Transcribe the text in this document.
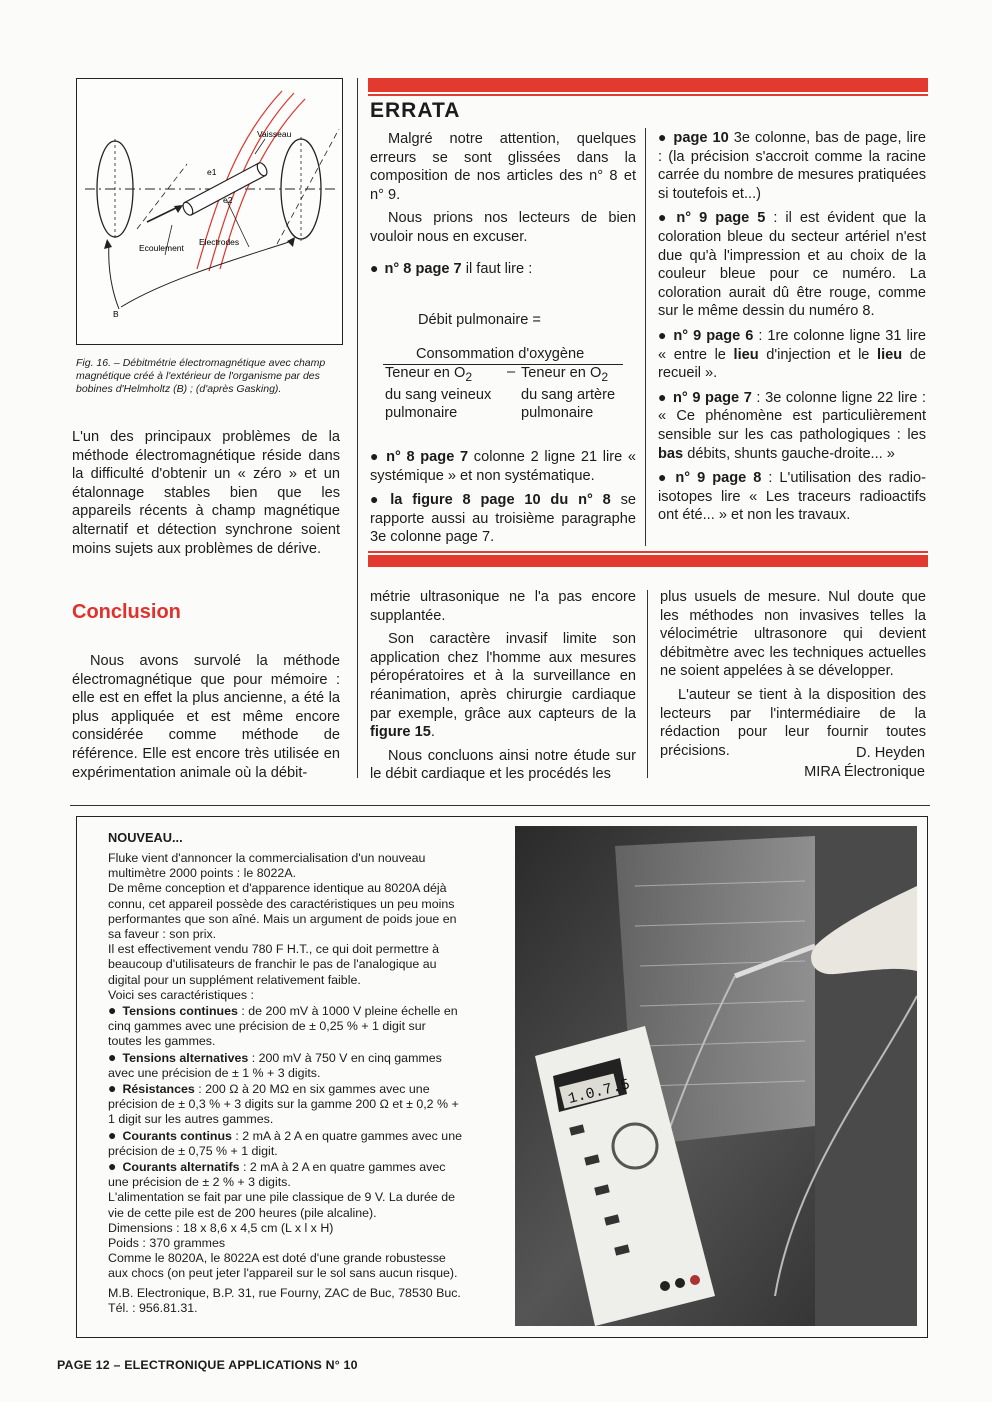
Vaisseau
e1
e2
Ecoulement
Electrodes
B
Fig. 16. – Débitmétrie électromagnétique avec champ magnétique créé à l'extérieur de l'organisme par des bobines d'Helmholtz (B) ; (d'après Gasking).
L'un des principaux problèmes de la méthode électromagnétique réside dans la difficulté d'obtenir un « zéro » et un étalonnage stables bien que les appareils récents à champ magnétique alternatif et détection synchrone soient moins sujets aux problèmes de dérive.
Conclusion
Nous avons survolé la méthode électromagnétique que pour mémoire : elle est en effet la plus ancienne, a été la plus appliquée et est même encore considérée comme méthode de référence. Elle est encore très utilisée en expérimentation animale où la débit-
ERRATA

Malgré notre attention, quelques erreurs se sont glissées dans la composition de nos articles des n° 8 et n° 9.

Nous prions nos lecteurs de bien vouloir nous en excuser.

● n° 8 page 7 il faut lire :

Débit pulmonaire =
Consommation d'oxygène
Teneur en $O_2$
du sang veineux
pulmonaire
– Teneur en $O_2$
du sang artère
pulmonaire

● n° 8 page 7 colonne 2 ligne 21 lire « systémique » et non systématique.

● la figure 8 page 10 du n° 8 se rapporte aussi au troisième paragraphe 3e colonne page 7.

● page 10 3e colonne, bas de page, lire : (la précision s'accroit comme la racine carrée du nombre de mesures pratiquées si toutefois et...)

● n° 9 page 5 : il est évident que la coloration bleue du secteur artériel n'est due qu'à l'impression et au choix de la couleur bleue pour ce numéro. La coloration aurait dû être rouge, comme sur le même dessin du numéro 8.

● n° 9 page 6 : 1re colonne ligne 31 lire « entre le lieu d'injection et le lieu de recueil ».

● n° 9 page 7 : 3e colonne ligne 22 lire : « Ce phénomène est particulièrement sensible sur les cas pathologiques : les bas débits, shunts gauche-droite... »

● n° 9 page 8 : L'utilisation des radio-isotopes lire « Les traceurs radioactifs ont été... » et non les travaux.

métrie ultrasonique ne l'a pas encore supplantée.

Son caractère invasif limite son application chez l'homme aux mesures péropératoires et à la surveillance en réanimation, après chirurgie cardiaque par exemple, grâce aux capteurs de la figure 15.

Nous concluons ainsi notre étude sur le débit cardiaque et les procédés les

plus usuels de mesure. Nul doute que les méthodes non invasives telles la vélocimétrie ultrasonore qui devient débitmètre avec les techniques actuelles ne soient appelées à se développer.

L'auteur se tient à la disposition des lecteurs par l'intermédiaire de la rédaction pour leur fournir toutes précisions.	D. Heyden
MIRA Électronique
NOUVEAU...

Fluke vient d'annoncer la commercialisation d'un nouveau multimètre 2000 points : le 8022A.

De même conception et d'apparence identique au 8020A déjà connu, cet appareil possède des caractéristiques un peu moins performantes que son aîné. Mais un argument de poids joue en sa faveur : son prix.

Il est effectivement vendu 780 F H.T., ce qui doit permettre à beaucoup d'utilisateurs de franchir le pas de l'analogique au digital pour un supplément relativement faible.

Voici ses caractéristiques :

● Tensions continues : de 200 mV à 1000 V pleine échelle en cinq gammes avec une précision de ± 0,25 % + 1 digit sur toutes les gammes.

● Tensions alternatives : 200 mV à 750 V en cinq gammes avec une précision de ± 1 % + 3 digits.

● Résistances : 200 Ω à 20 MΩ en six gammes avec une précision de ± 0,3 % + 3 digits sur la gamme 200 Ω et ± 0,2 % + 1 digit sur les autres gammes.

● Courants continus : 2 mA à 2 A en quatre gammes avec une précision de ± 0,75 % + 1 digit.

● Courants alternatifs : 2 mA à 2 A en quatre gammes avec une précision de ± 2 % + 3 digits.

L'alimentation se fait par une pile classique de 9 V. La durée de vie de cette pile est de 200 heures (pile alcaline).

Dimensions : 18 x 8,6 x 4,5 cm (L x l x H)

Poids : 370 grammes

Comme le 8020A, le 8022A est doté d'une grande robustesse aux chocs (on peut jeter l'appareil sur le sol sans aucun risque).

M.B. Electronique, B.P. 31, rue Fourny, ZAC de Buc, 78530 Buc. Tél. : 956.81.31.

1.0.7.5
PAGE 12 – ELECTRONIQUE APPLICATIONS N° 10
